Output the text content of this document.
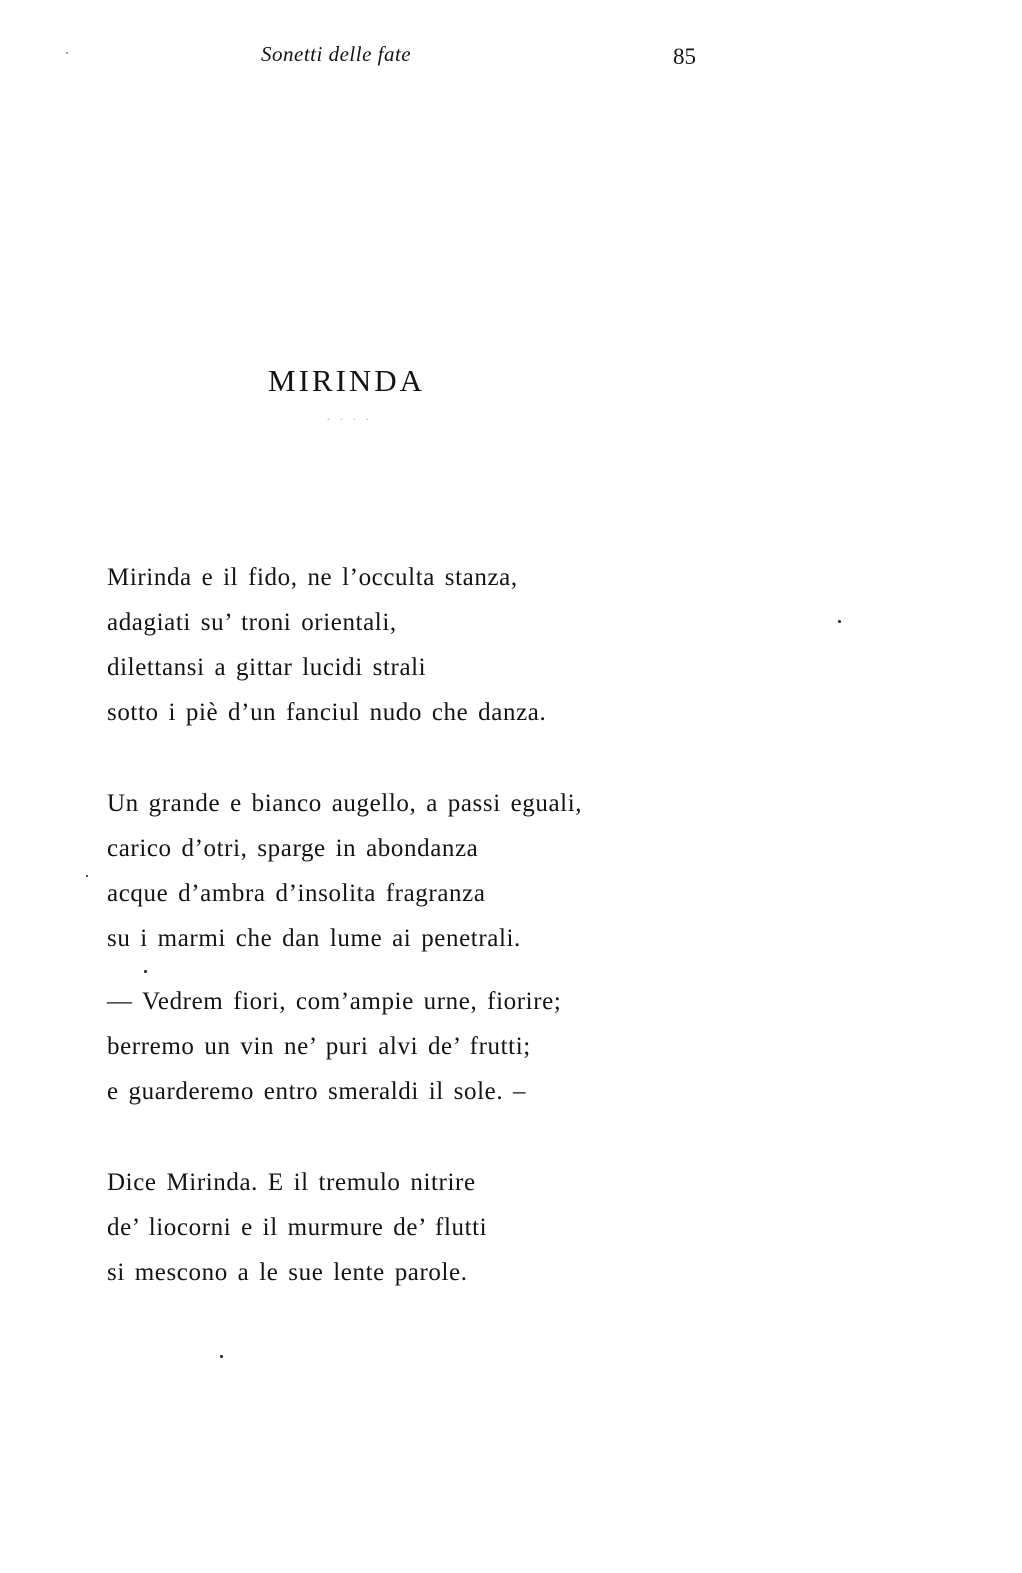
Sonetti delle fate	85
MIRINDA
. . . .
Mirinda e il fido, ne l’occulta stanza,
adagiati su’ troni orientali,
dilettansi a gittar lucidi strali
sotto i piè d’un fanciul nudo che danza.
Un grande e bianco augello, a passi eguali,
carico d’otri, sparge in abondanza
acque d’ambra d’insolita fragranza
su i marmi che dan lume ai penetrali.
— Vedrem fiori, com’ampie urne, fiorire;
berremo un vin ne’ puri alvi de’ frutti;
e guarderemo entro smeraldi il sole. –
Dice Mirinda. E il tremulo nitrire
de’ liocorni e il murmure de’ flutti
si mescono a le sue lente parole.
